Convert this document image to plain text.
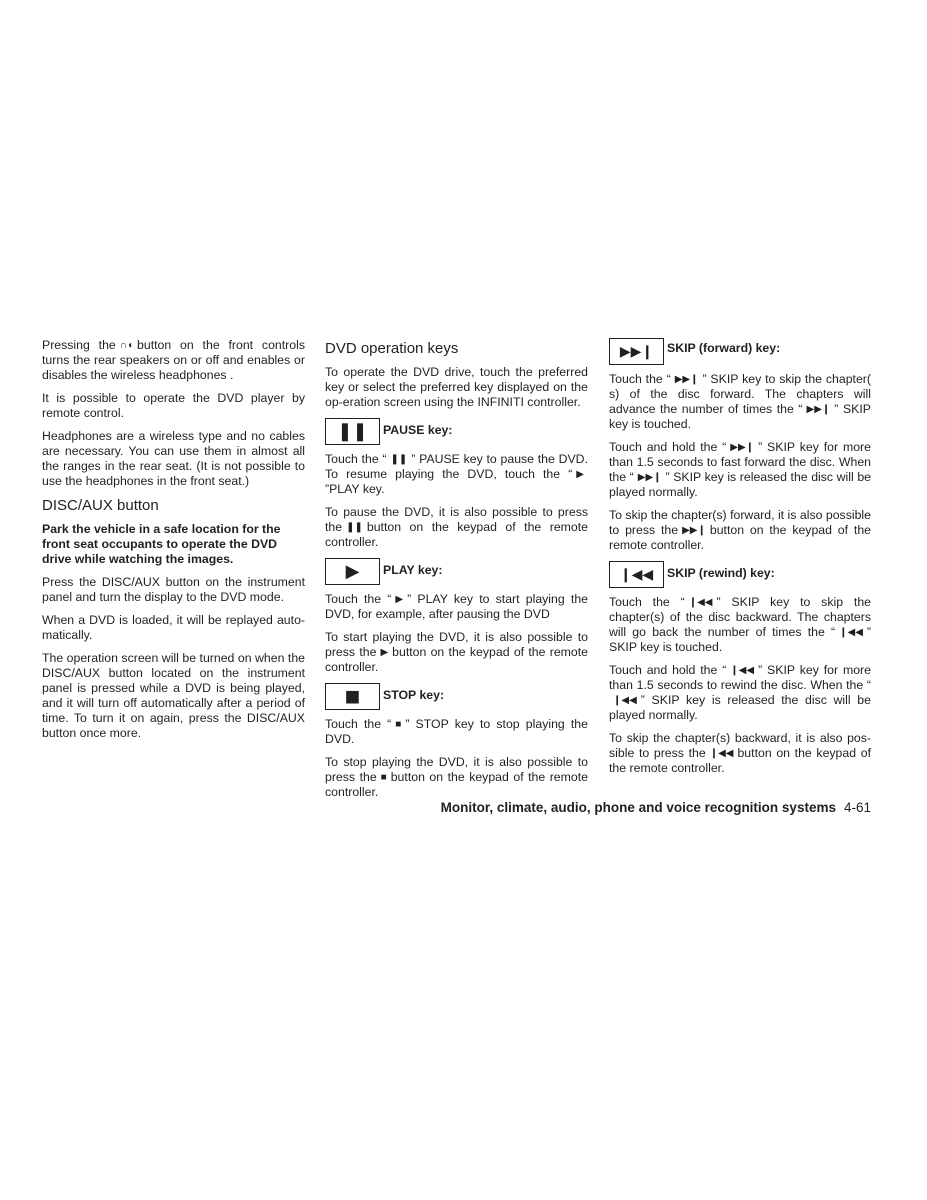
Pressing the ∩◖ button on the front controls turns the rear speakers on or off and enables or disables the wireless headphones .

It is possible to operate the DVD player by remote control.

Headphones are a wireless type and no cables are necessary. You can use them in almost all the ranges in the rear seat. (It is not possible to use the headphones in the front seat.)

DISC/AUX button

Park the vehicle in a safe location for the front seat occupants to operate the DVD drive while watching the images.

Press the DISC/AUX button on the instrument panel and turn the display to the DVD mode.

When a DVD is loaded, it will be replayed auto-matically.

The operation screen will be turned on when the DISC/AUX button located on the instrument panel is pressed while a DVD is being played, and it will turn off automatically after a period of time. To turn it on again, press the DISC/AUX button once more.

DVD operation keys

To operate the DVD drive, touch the preferred key or select the preferred key displayed on the op-eration screen using the INFINITI controller.

❚❚	PAUSE key:

Touch the “ ❚❚ ” PAUSE key to pause the DVD. To resume playing the DVD, touch the “ ▶”PLAY key.

To pause the DVD, it is also possible to press the ❚❚ button on the keypad of the remote controller.

▶	PLAY key:

Touch the “ ▶ ” PLAY key to start playing the DVD, for example, after pausing the DVD

To start playing the DVD, it is also possible to press the ▶ button on the keypad of the remote controller.

■	STOP key:

Touch the “ ■ ” STOP key to stop playing the DVD.

To stop playing the DVD, it is also possible to press the ■ button on the keypad of the remote controller.

▶▶❙	SKIP (forward) key:

Touch the “ ▶▶❙ ” SKIP key to skip the chapter( s) of the disc forward. The chapters will advance the number of times the “ ▶▶❙ ” SKIP key is touched.

Touch and hold the “ ▶▶❙ ” SKIP key for more than 1.5 seconds to fast forward the disc. When the “ ▶▶❙ ” SKIP key is released the disc will be played normally.

To skip the chapter(s) forward, it is also possible to press the ▶▶❙ button on the keypad of the remote controller.

❙◀◀	SKIP (rewind) key:

Touch the “ ❙◀◀ ” SKIP key to skip the chapter(s) of the disc backward. The chapters will go back the number of times the “ ❙◀◀ ” SKIP key is touched.

Touch and hold the “ ❙◀◀ ” SKIP key for more than 1.5 seconds to rewind the disc. When the “❙◀◀ ” SKIP key is released the disc will be played normally.

To skip the chapter(s) backward, it is also pos-sible to press the ❙◀◀ button on the keypad of the remote controller.

Monitor, climate, audio, phone and voice recognition systems 4-61
